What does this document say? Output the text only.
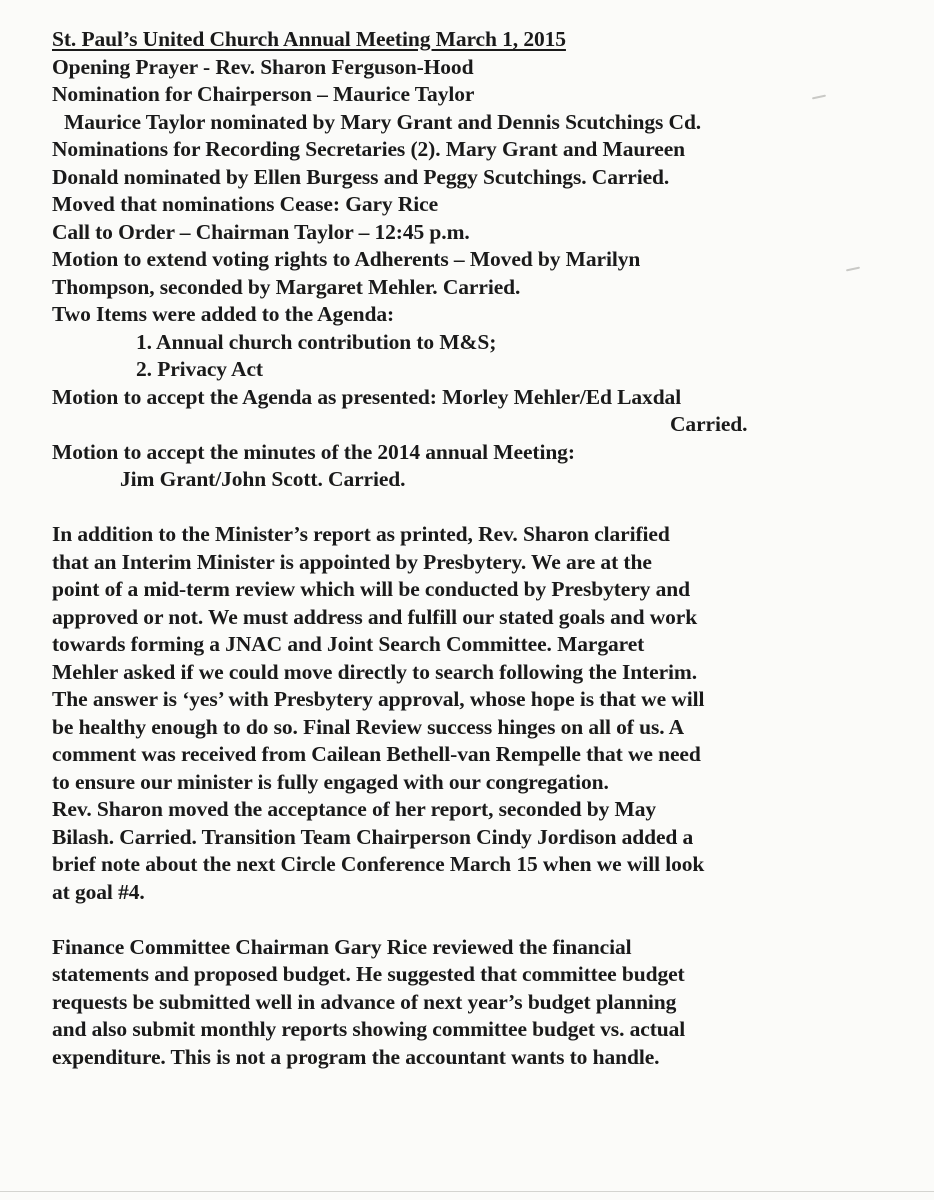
St. Paul’s United Church Annual Meeting March 1, 2015
Opening Prayer - Rev. Sharon Ferguson-Hood
Nomination for Chairperson – Maurice Taylor
Maurice Taylor nominated by Mary Grant and Dennis Scutchings Cd.
Nominations for Recording Secretaries (2). Mary Grant and Maureen
Donald nominated by Ellen Burgess and Peggy Scutchings. Carried.
Moved that nominations Cease: Gary Rice
Call to Order – Chairman Taylor – 12:45 p.m.
Motion to extend voting rights to Adherents – Moved by Marilyn
Thompson, seconded by Margaret Mehler. Carried.
Two Items were added to the Agenda:
1. Annual church contribution to M&S;
2. Privacy Act
Motion to accept the Agenda as presented: Morley Mehler/Ed Laxdal
Carried.
Motion to accept the minutes of the 2014 annual Meeting:
Jim Grant/John Scott. Carried.
In addition to the Minister’s report as printed, Rev. Sharon clarified
that an Interim Minister is appointed by Presbytery. We are at the
point of a mid-term review which will be conducted by Presbytery and
approved or not. We must address and fulfill our stated goals and work
towards forming a JNAC and Joint Search Committee. Margaret
Mehler asked if we could move directly to search following the Interim.
The answer is ‘yes’ with Presbytery approval, whose hope is that we will
be healthy enough to do so. Final Review success hinges on all of us. A
comment was received from Cailean Bethell-van Rempelle that we need
to ensure our minister is fully engaged with our congregation.
Rev. Sharon moved the acceptance of her report, seconded by May
Bilash. Carried. Transition Team Chairperson Cindy Jordison added a
brief note about the next Circle Conference March 15 when we will look
at goal #4.
Finance Committee Chairman Gary Rice reviewed the financial
statements and proposed budget. He suggested that committee budget
requests be submitted well in advance of next year’s budget planning
and also submit monthly reports showing committee budget vs. actual
expenditure. This is not a program the accountant wants to handle.
